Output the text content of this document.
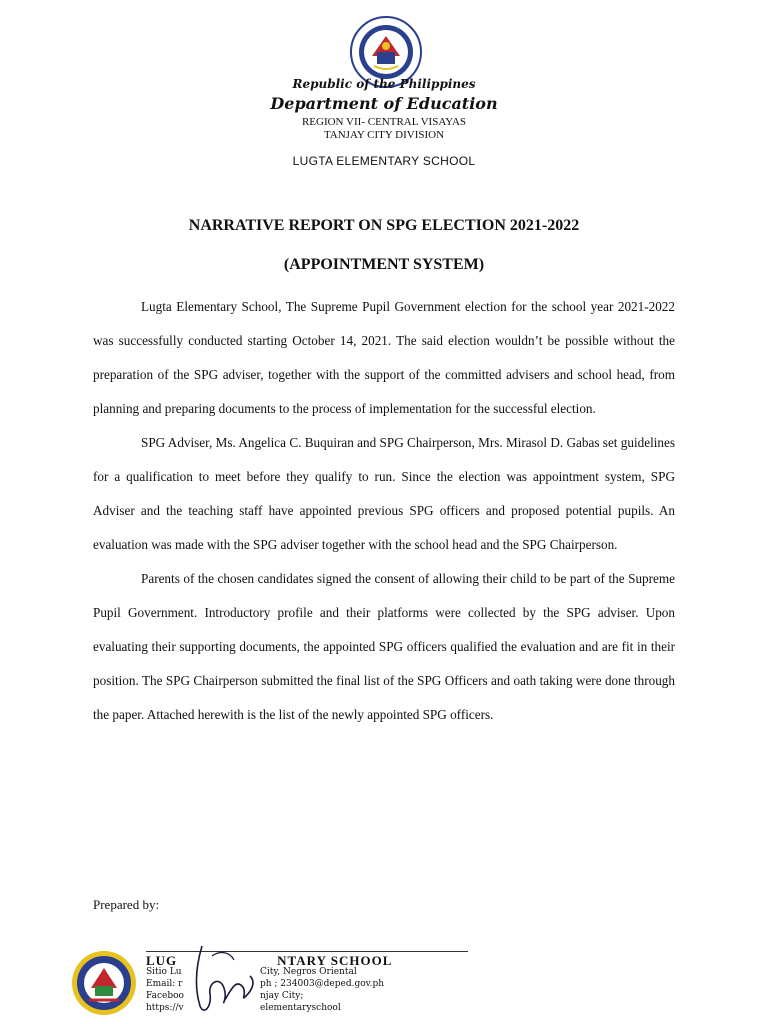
Republic of the Philippines
Department of Education
REGION VII- CENTRAL VISAYAS
TANJAY CITY DIVISION
LUGTA ELEMENTARY SCHOOL
NARRATIVE REPORT ON SPG ELECTION 2021-2022
(APPOINTMENT SYSTEM)

Lugta Elementary School, The Supreme Pupil Government election for the school year 2021-2022 was successfully conducted starting October 14, 2021. The said election wouldn’t be possible without the preparation of the SPG adviser, together with the support of the committed advisers and school head, from planning and preparing documents to the process of implementation for the successful election.

SPG Adviser, Ms. Angelica C. Buquiran and SPG Chairperson, Mrs. Mirasol D. Gabas set guidelines for a qualification to meet before they qualify to run. Since the election was appointment system, SPG Adviser and the teaching staff have appointed previous SPG officers and proposed potential pupils. An evaluation was made with the SPG adviser together with the school head and the SPG Chairperson.

Parents of the chosen candidates signed the consent of allowing their child to be part of the Supreme Pupil Government. Introductory profile and their platforms were collected by the SPG adviser. Upon evaluating their supporting documents, the appointed SPG officers qualified the evaluation and are fit in their position. The SPG Chairperson submitted the final list of the SPG Officers and oath taking were done through the paper. Attached herewith is the list of the newly appointed SPG officers.

Prepared by:
LUG	NTARY SCHOOL
Sitio Lu
Email: r
Faceboo
https://v
City, Negros Oriental
ph ; 234003@deped.gov.ph
njay City;
elementaryschool
